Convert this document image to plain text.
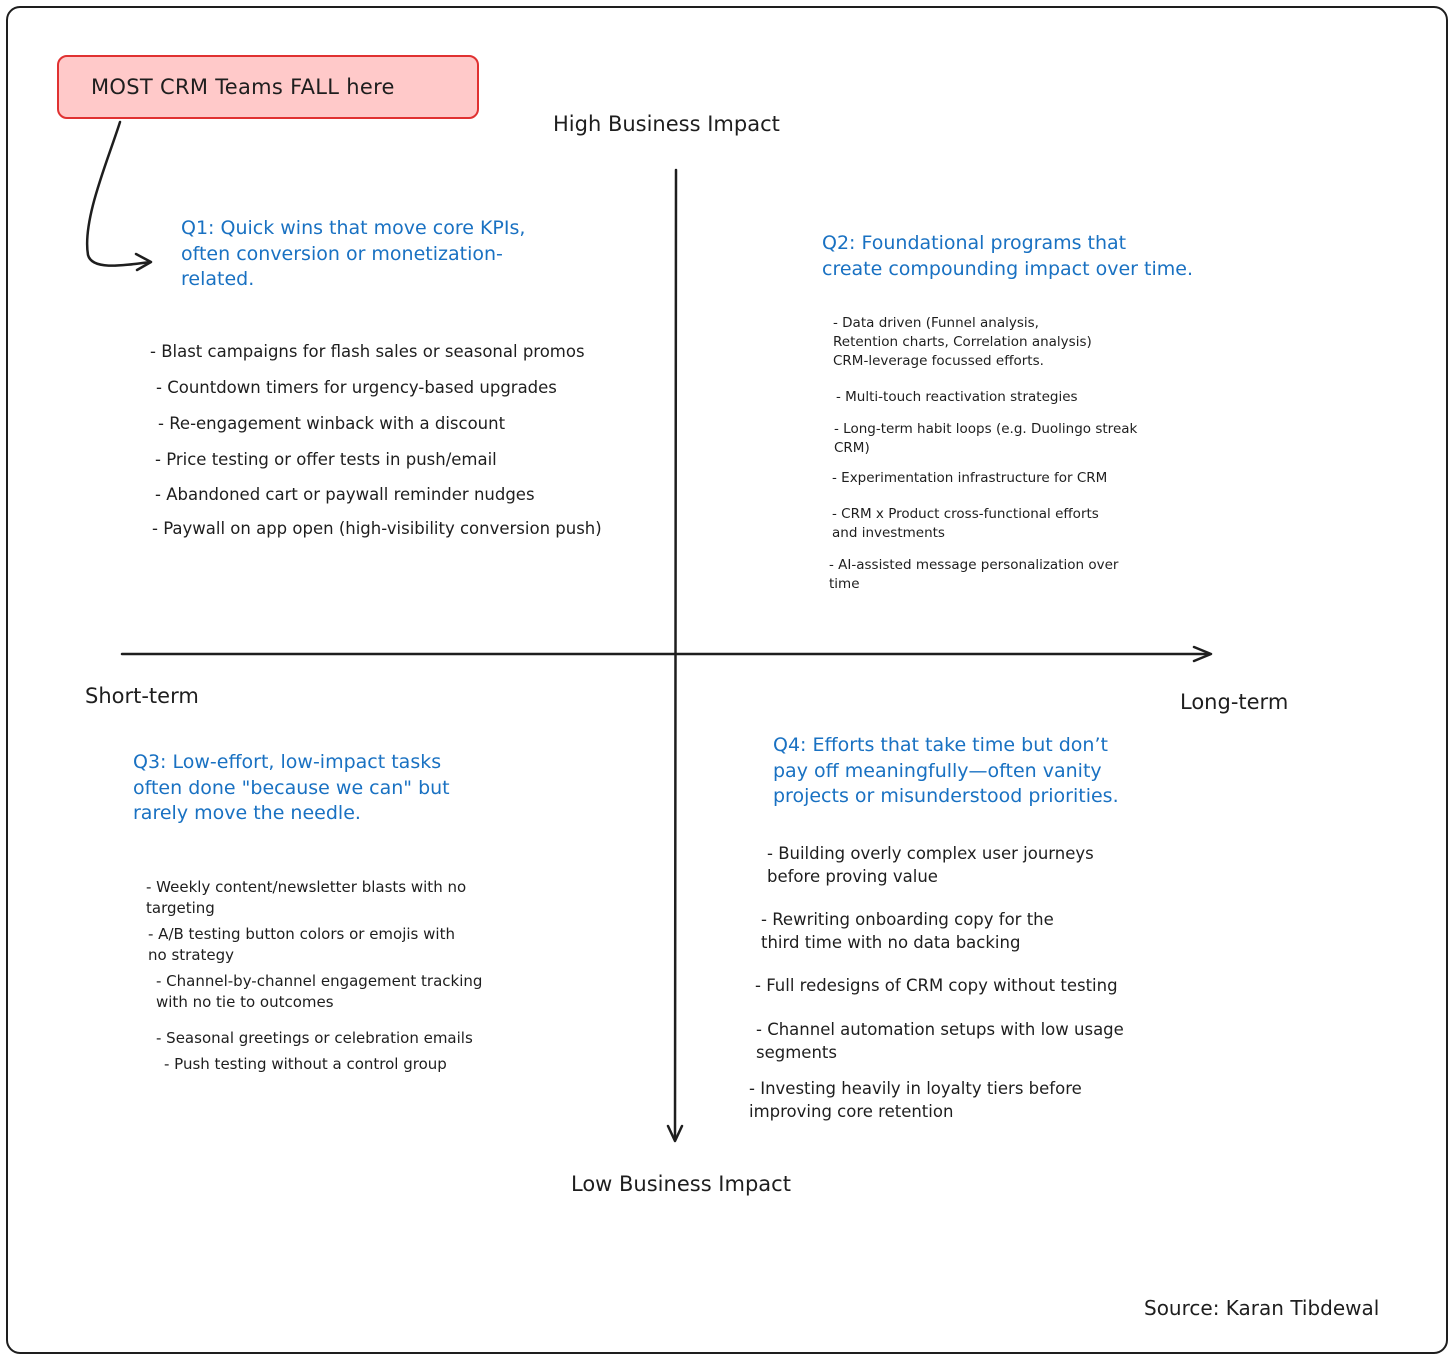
MOST CRM Teams FALL here
High Business Impact
Low Business Impact
Short-term	Long-term
Q1: Quick wins that move core KPIs,
often conversion or monetization-
related.
- Blast campaigns for flash sales or seasonal promos
- Countdown timers for urgency-based upgrades
- Re-engagement winback with a discount
- Price testing or offer tests in push/email
- Abandoned cart or paywall reminder nudges
- Paywall on app open (high-visibility conversion push)
Q2: Foundational programs that
create compounding impact over time.
- Data driven (Funnel analysis,
Retention charts, Correlation analysis)
CRM-leverage focussed efforts.
- Multi-touch reactivation strategies
- Long-term habit loops (e.g. Duolingo streak
CRM)
- Experimentation infrastructure for CRM
- CRM x Product cross-functional efforts
and investments
- AI-assisted message personalization over
time
Q3: Low-effort, low-impact tasks
often done "because we can" but
rarely move the needle.
- Weekly content/newsletter blasts with no
targeting
- A/B testing button colors or emojis with
no strategy
- Channel-by-channel engagement tracking
with no tie to outcomes
- Seasonal greetings or celebration emails
- Push testing without a control group
Q4: Efforts that take time but don’t
pay off meaningfully—often vanity
projects or misunderstood priorities.
- Building overly complex user journeys
before proving value
- Rewriting onboarding copy for the
third time with no data backing
- Full redesigns of CRM copy without testing
- Channel automation setups with low usage
segments
- Investing heavily in loyalty tiers before
improving core retention
Source: Karan Tibdewal
